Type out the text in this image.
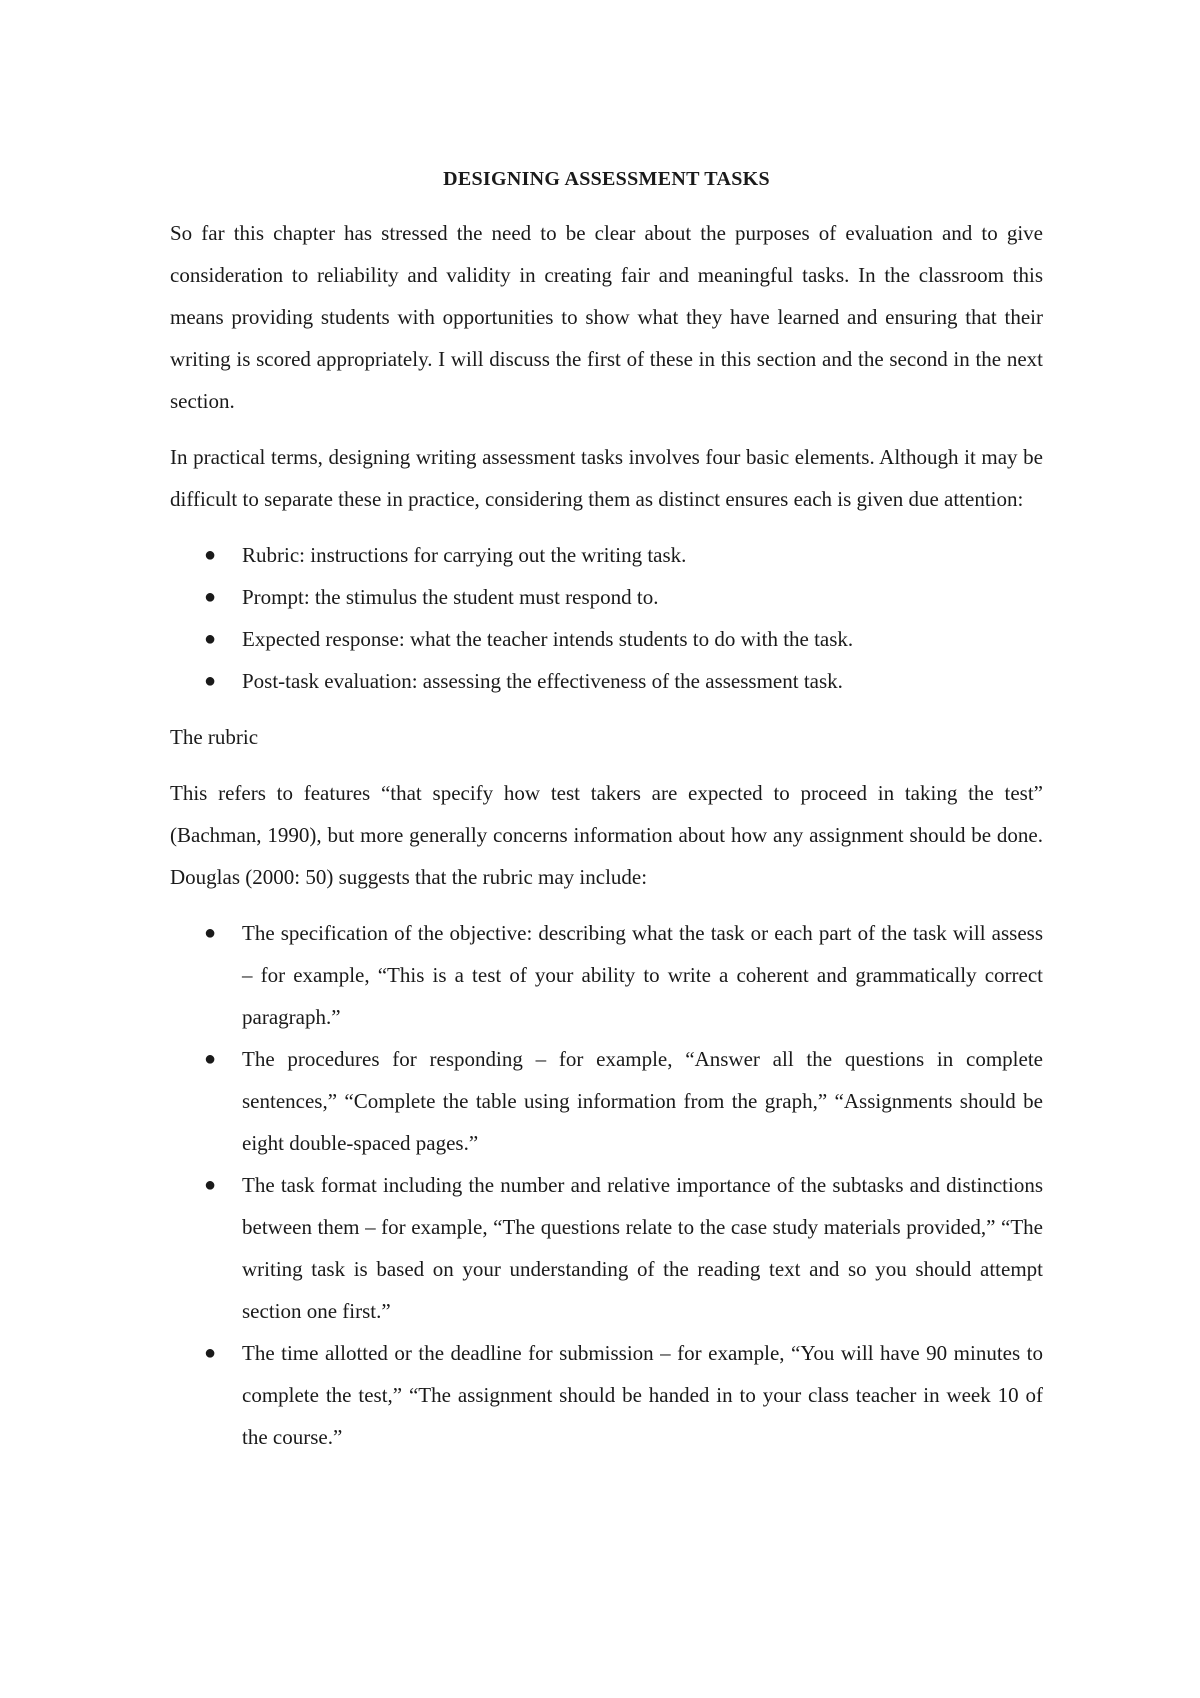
DESIGNING ASSESSMENT TASKS

So far this chapter has stressed the need to be clear about the purposes of evaluation and to give consideration to reliability and validity in creating fair and meaningful tasks. In the classroom this means providing students with opportunities to show what they have learned and ensuring that their writing is scored appropriately. I will discuss the first of these in this section and the second in the next section.

In practical terms, designing writing assessment tasks involves four basic elements. Although it may be difficult to separate these in practice, considering them as distinct ensures each is given due attention:

● Rubric: instructions for carrying out the writing task.
● Prompt: the stimulus the student must respond to.
● Expected response: what the teacher intends students to do with the task.
● Post-task evaluation: assessing the effectiveness of the assessment task.
The rubric

This refers to features “that specify how test takers are expected to proceed in taking the test” (Bachman, 1990), but more generally concerns information about how any assignment should be done. Douglas (2000: 50) suggests that the rubric may include:

● The specification of the objective: describing what the task or each part of the task will assess – for example, “This is a test of your ability to write a coherent and grammatically correct paragraph.”
● The procedures for responding – for example, “Answer all the questions in complete sentences,” “Complete the table using information from the graph,” “Assignments should be eight double-spaced pages.”
● The task format including the number and relative importance of the subtasks and distinctions between them – for example, “The questions relate to the case study materials provided,” “The writing task is based on your understanding of the reading text and so you should attempt section one first.”
● The time allotted or the deadline for submission – for example, “You will have 90 minutes to complete the test,” “The assignment should be handed in to your class teacher in week 10 of the course.”
